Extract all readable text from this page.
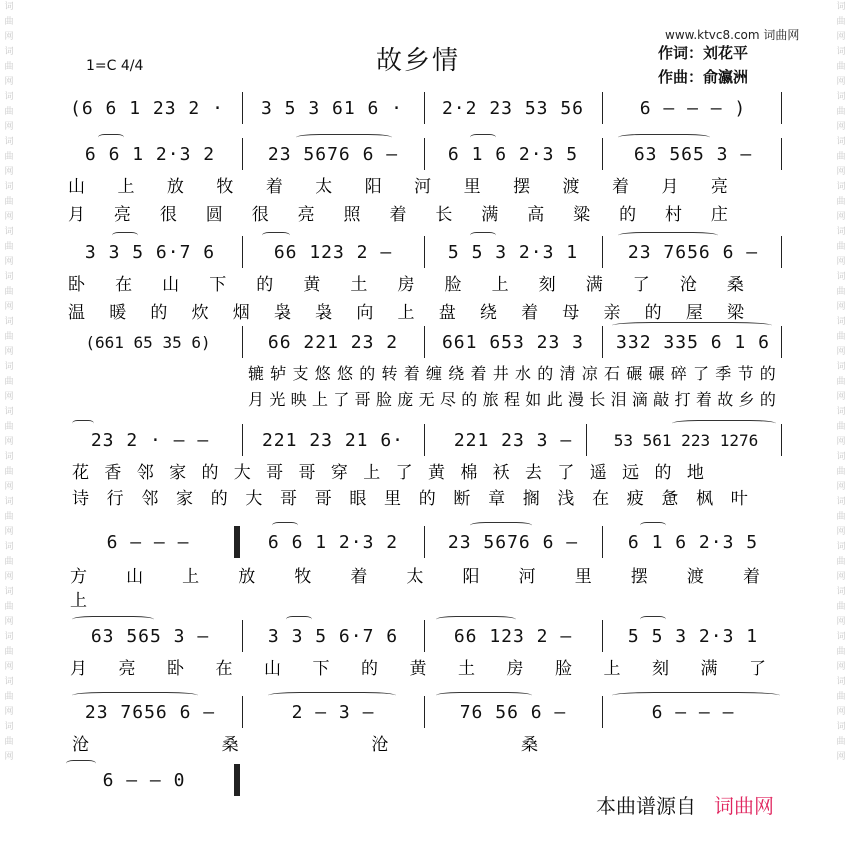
词曲网 词曲网 词曲网 词曲网 词曲网 词曲网 词曲网 词曲网 词曲网 词曲网 词曲网 词曲网 词曲网 词曲网 词曲网 词曲网 词曲网
词曲网 词曲网 词曲网 词曲网 词曲网 词曲网 词曲网 词曲网 词曲网 词曲网 词曲网 词曲网 词曲网 词曲网 词曲网 词曲网 词曲网
www.ktvc8.com 词曲网
故乡情
1=C 4/4
作词：刘花平
作曲：俞瀛洲
(6 6 1 23 2 ·	3 5 3 61 6 ·	2·2 23 53 56	6 — — — )
6 6 1 2·3 2	23 5676 6 —	6 1 6 2·3 5	63 565 3 —
山 上 放 牧 着 太 阳 河 里 摆 渡 着 月 亮
月 亮 很 圆 很 亮 照 着 长 满 高 粱 的 村 庄
3 3 5 6·7 6	66 123 2 —	5 5 3 2·3 1	23 7656 6 —
卧 在 山 下 的 黄 土 房 脸 上 刻 满 了 沧 桑
温 暖 的 炊 烟 袅 袅 向 上 盘 绕 着 母 亲 的 屋 梁
(661 65 35 6)	66 221 23 2	661 653 23 3	332 335 6 1 6
辘 轳 支 悠 悠 的 转 着 缠 绕 着 井 水 的 清 凉 石 碾 碾 碎 了 季 节 的
月 光 映 上 了 哥 脸 庞 无 尽 的 旅 程 如 此 漫 长 泪 滴 敲 打 着 故 乡 的
23 2 · — —	221 23 21 6·	221 23 3 —	53 561 223 1276
花 香 邻 家 的 大 哥 哥 穿 上 了 黄 棉 袄 去 了 遥 远 的 地
诗 行 邻 家 的 大 哥 哥 眼 里 的 断 章 搁 浅 在 疲 惫 枫 叶
6 — — —	6 6 1 2·3 2	23 5676 6 —	6 1 6 2·3 5
方 山 上 放 牧 着 太 阳 河 里 摆 渡 着
上
63 565 3 —	3 3 5 6·7 6	66 123 2 —	5 5 3 2·3 1
月 亮 卧 在 山 下 的 黄 土 房 脸 上 刻 满 了
23 7656 6 —	2 — 3 —	76 56 6 —	6 — — —
沧	桑	沧	桑
6 — — 0
本曲谱源自 词曲网
